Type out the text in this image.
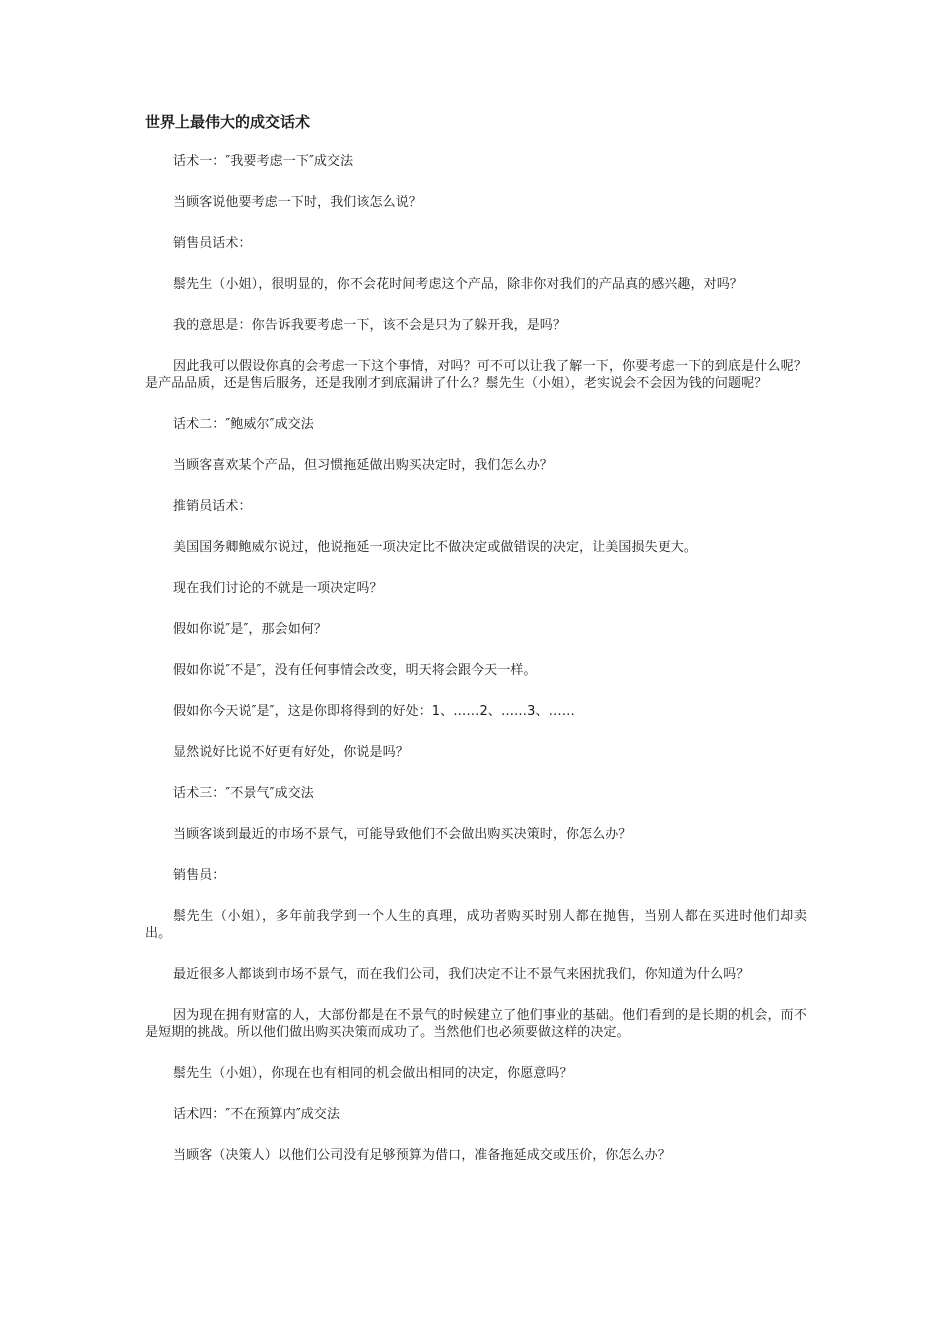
世界上最伟大的成交话术

话术一：″我要考虑一下″成交法

当顾客说他要考虑一下时，我们该怎么说？

销售员话术：

鬃先生（小姐），很明显的，你不会花时间考虑这个产品，除非你对我们的产品真的感兴趣，对吗？

我的意思是：你告诉我要考虑一下，该不会是只为了躲开我，是吗？

因此我可以假设你真的会考虑一下这个事情，对吗？可不可以让我了解一下，你要考虑一下的到底是什么呢？是产品品质，还是售后服务，还是我刚才到底漏讲了什么？鬃先生（小姐），老实说会不会因为钱的问题呢？

话术二：″鲍威尔″成交法

当顾客喜欢某个产品，但习惯拖延做出购买决定时，我们怎么办？

推销员话术：

美国国务卿鲍威尔说过，他说拖延一项决定比不做决定或做错误的决定，让美国损失更大。

现在我们讨论的不就是一项决定吗？

假如你说″是″，那会如何？

假如你说″不是″，没有任何事情会改变，明天将会跟今天一样。

假如你今天说″是″，这是你即将得到的好处：1、……2、……3、……

显然说好比说不好更有好处，你说是吗？

话术三：″不景气″成交法

当顾客谈到最近的市场不景气，可能导致他们不会做出购买决策时，你怎么办？

销售员：

鬃先生（小姐），多年前我学到一个人生的真理，成功者购买时别人都在抛售，当别人都在买进时他们却卖出。

最近很多人都谈到市场不景气，而在我们公司，我们决定不让不景气来困扰我们，你知道为什么吗？

因为现在拥有财富的人，大部份都是在不景气的时候建立了他们事业的基础。他们看到的是长期的机会，而不是短期的挑战。所以他们做出购买决策而成功了。当然他们也必须要做这样的决定。

鬃先生（小姐），你现在也有相同的机会做出相同的决定，你愿意吗？

话术四：″不在预算内″成交法

当顾客（决策人）以他们公司没有足够预算为借口，准备拖延成交或压价，你怎么办？
